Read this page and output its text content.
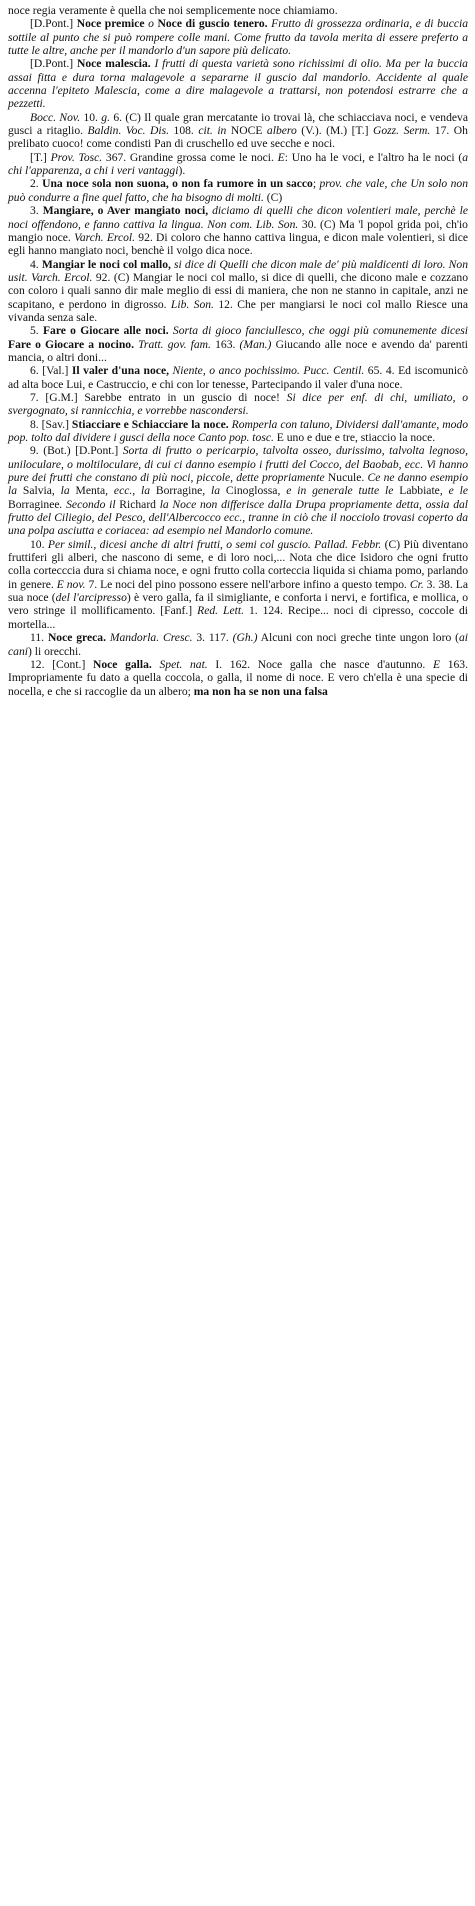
noce regia veramente è quella che noi semplicemente noce chiamiamo.

[D.Pont.] Noce premice o Noce di guscio tenero. Frutto di grossezza ordinaria, e di buccia sottile al punto che si può rompere colle mani. Come frutto da tavola merita di essere preferto a tutte le altre, anche per il mandorlo d'un sapore più delicato.

[D.Pont.] Noce malescia. I frutti di questa varietà sono richissimi di olio. Ma per la buccia assai fitta e dura torna malagevole a separarne il guscio dal mandorlo. Accidente al quale accenna l'epiteto Malescia, come a dire malagevole a trattarsi, non potendosi estrarre che a pezzetti.

Bocc. Nov. 10. g. 6. (C) Il quale gran mercatante io trovai là, che schiacciava noci, e vendeva gusci a ritaglio. Baldin. Voc. Dis. 108. cit. in NOCE albero (V.). (M.) [T.] Gozz. Serm. 17. Oh prelibato cuoco! come condisti Pan di cruschello ed uve secche e noci.

[T.] Prov. Tosc. 367. Grandine grossa come le noci. E: Uno ha le voci, e l'altro ha le noci (a chi l'apparenza, a chi i veri vantaggi).

2. Una noce sola non suona, o non fa rumore in un sacco; prov. che vale, che Un solo non può condurre a fine quel fatto, che ha bisogno di molti. (C)

3. Mangiare, o Aver mangiato noci, diciamo di quelli che dicon volentieri male, perchè le noci offendono, e fanno cattiva la lingua. Non com. Lib. Son. 30. (C) Ma 'l popol grida poi, ch'io mangio noce. Varch. Ercol. 92. Di coloro che hanno cattiva lingua, e dicon male volentieri, si dice egli hanno mangiato noci, benchè il volgo dica noce.

4. Mangiar le noci col mallo, si dice di Quelli che dicon male de' più maldicenti di loro. Non usit. Varch. Ercol. 92. (C) Mangiar le noci col mallo, si dice di quelli, che dicono male e cozzano con coloro i quali sanno dir male meglio di essi di maniera, che non ne stanno in capitale, anzi ne scapitano, e perdono in digrosso. Lib. Son. 12. Che per mangiarsi le noci col mallo Riesce una vivanda senza sale.

5. Fare o Giocare alle noci. Sorta di gioco fanciullesco, che oggi più comunemente dicesi Fare o Giocare a nocino. Tratt. gov. fam. 163. (Man.) Giucando alle noce e avendo da' parenti mancia, o altri doni...

6. [Val.] Il valer d'una noce, Niente, o anco pochissimo. Pucc. Centil. 65. 4. Ed iscomunicò ad alta boce Lui, e Castruccio, e chi con lor tenesse, Partecipando il valer d'una noce.

7. [G.M.] Sarebbe entrato in un guscio di noce! Si dice per enf. di chi, umiliato, o svergognato, si rannicchia, e vorrebbe nascondersi.

8. [Sav.] Stiacciare e Schiacciare la noce. Romperla con taluno, Dividersi dall'amante, modo pop. tolto dal dividere i gusci della noce Canto pop. tosc. E uno e due e tre, stiaccio la noce.

9. (Bot.) [D.Pont.] Sorta di frutto o pericarpio, talvolta osseo, durissimo, talvolta legnoso, uniloculare, o moltiloculare, di cui ci danno esempio i frutti del Cocco, del Baobab, ecc. Vi hanno pure dei frutti che constano di più noci, piccole, dette propriamente Nucule. Ce ne danno esempio la Salvia, la Menta, ecc., la Borragine, la Cinoglossa, e in generale tutte le Labbiate, e le Borraginee. Secondo il Richard la Noce non differisce dalla Drupa propriamente detta, ossia dal frutto del Ciliegio, del Pesco, dell'Albercocco ecc., tranne in ciò che il nocciolo trovasi coperto da una polpa asciutta e coriacea: ad esempio nel Mandorlo comune.

10. Per simil., dicesi anche di altri frutti, o semi col guscio. Pallad. Febbr. (C) Più diventano fruttiferi gli alberi, che nascono di seme, e di loro noci,... Nota che dice Isidoro che ogni frutto colla cortecccia dura si chiama noce, e ogni frutto colla corteccia liquida si chiama pomo, parlando in genere. E nov. 7. Le noci del pino possono essere nell'arbore infino a questo tempo. Cr. 3. 38. La sua noce (del l'arcipresso) è vero galla, fa il simigliante, e conforta i nervi, e fortifica, e mollica, o vero stringe il mollificamento. [Fanf.] Red. Lett. 1. 124. Recipe... noci di cipresso, coccole di mortella...

11. Noce greca. Mandorla. Cresc. 3. 117. (Gh.) Alcuni con noci greche tinte ungon loro (ai cani) li orecchi.

12. [Cont.] Noce galla. Spet. nat. I. 162. Noce galla che nasce d'autunno. E 163. Impropriamente fu dato a quella coccola, o galla, il nome di noce. E vero ch'ella è una specie di nocella, e che si raccoglie da un albero; ma non ha se non una falsa
